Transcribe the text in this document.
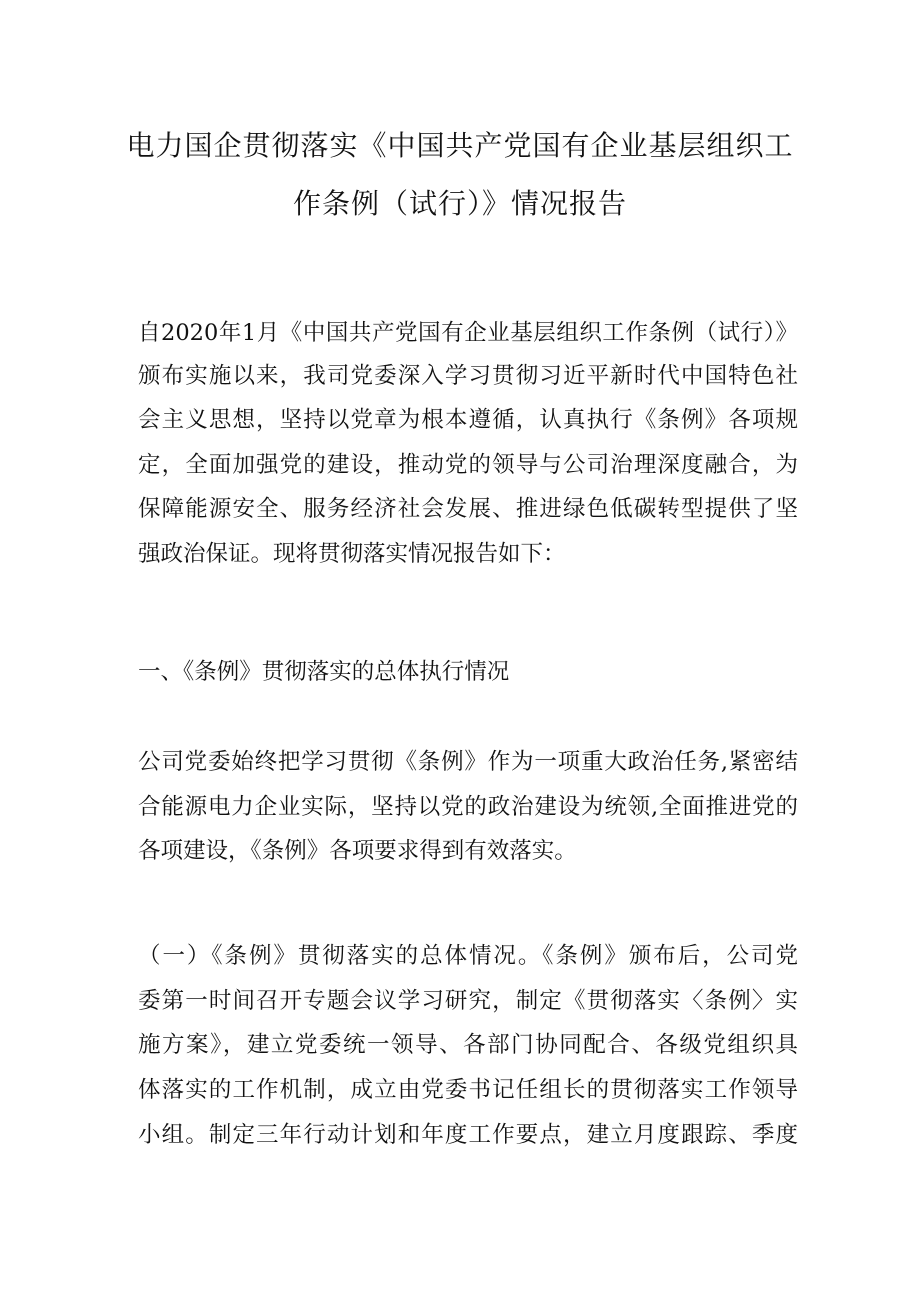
电力国企贯彻落实《中国共产党国有企业基层组织工
作条例（试行）》情况报告
自2020年1月《中国共产党国有企业基层组织工作条例（试行）》
颁布实施以来，我司党委深入学习贯彻习近平新时代中国特色社
会主义思想，坚持以党章为根本遵循，认真执行《条例》各项规
定，全面加强党的建设，推动党的领导与公司治理深度融合，为
保障能源安全、服务经济社会发展、推进绿色低碳转型提供了坚
强政治保证。现将贯彻落实情况报告如下：
一、《条例》贯彻落实的总体执行情况
公司党委始终把学习贯彻《条例》作为一项重大政治任务,紧密结
合能源电力企业实际，坚持以党的政治建设为统领,全面推进党的
各项建设，《条例》各项要求得到有效落实。
（一）《条例》贯彻落实的总体情况。《条例》颁布后，公司党
委第一时间召开专题会议学习研究，制定《贯彻落实〈条例〉实
施方案》，建立党委统一领导、各部门协同配合、各级党组织具
体落实的工作机制，成立由党委书记任组长的贯彻落实工作领导
小组。制定三年行动计划和年度工作要点，建立月度跟踪、季度
